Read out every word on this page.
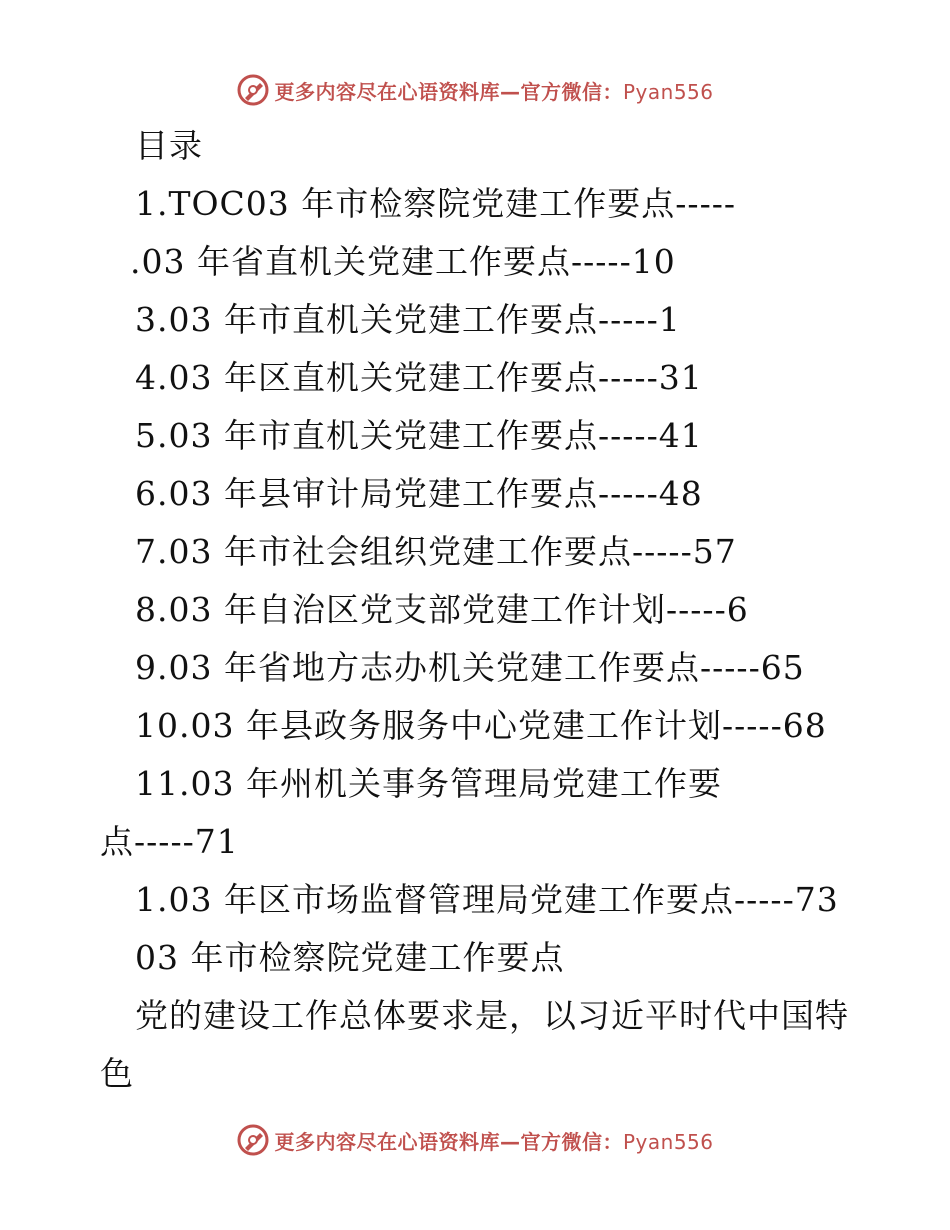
更多内容尽在心语资料库—官方微信：Pyan556
目录
1.TOC03 年市检察院党建工作要点-----
.03 年省直机关党建工作要点-----10
3.03 年市直机关党建工作要点-----1
4.03 年区直机关党建工作要点-----31
5.03 年市直机关党建工作要点-----41
6.03 年县审计局党建工作要点-----48
7.03 年市社会组织党建工作要点-----57
8.03 年自治区党支部党建工作计划-----6
9.03 年省地方志办机关党建工作要点-----65
10.03 年县政务服务中心党建工作计划-----68
11.03 年州机关事务管理局党建工作要
点-----71
1.03 年区市场监督管理局党建工作要点-----73
03 年市检察院党建工作要点
党的建设工作总体要求是，以习近平时代中国特
色
更多内容尽在心语资料库—官方微信：Pyan556
